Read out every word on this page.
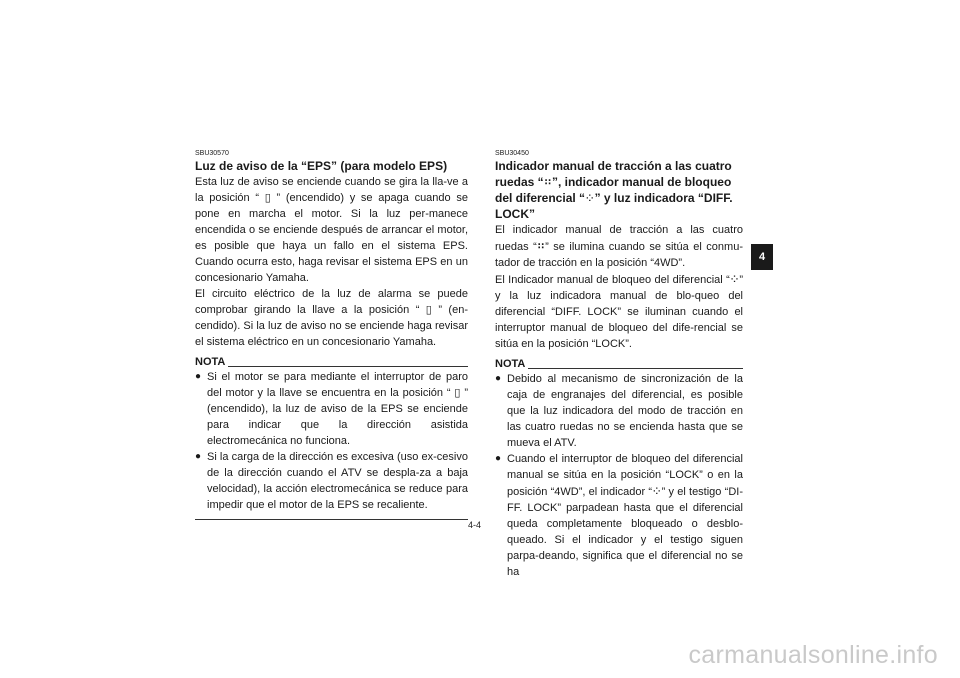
SBU30570

Luz de aviso de la “EPS” (para modelo EPS)

Esta luz de aviso se enciende cuando se gira la lla-ve a la posición “ ▯ ” (encendido) y se apaga cuando se pone en marcha el motor. Si la luz per-manece encendida o se enciende después de arrancar el motor, es posible que haya un fallo en el sistema EPS. Cuando ocurra esto, haga revisar el sistema EPS en un concesionario Yamaha.

El circuito eléctrico de la luz de alarma se puede comprobar girando la llave a la posición “ ▯ ” (en-cendido). Si la luz de aviso no se enciende haga revisar el sistema eléctrico en un concesionario Yamaha.

NOTA

● Si el motor se para mediante el interruptor de paro del motor y la llave se encuentra en la posición “ ▯ ” (encendido), la luz de aviso de la EPS se enciende para indicar que la dirección asistida electromecánica no funciona.

● Si la carga de la dirección es excesiva (uso ex-cesivo de la dirección cuando el ATV se despla-za a baja velocidad), la acción electromecánica se reduce para impedir que el motor de la EPS se recaliente.

SBU30450

Indicador manual de tracción a las cuatro ruedas “∷”, indicador manual de bloqueo del diferencial “⁘” y luz indicadora “DIFF. LOCK”

El indicador manual de tracción a las cuatro ruedas “∷” se ilumina cuando se sitúa el conmu-tador de tracción en la posición “4WD”.

El Indicador manual de bloqueo del diferencial “⁘” y la luz indicadora manual de blo-queo del diferencial “DIFF. LOCK” se iluminan cuando el interruptor manual de bloqueo del dife-rencial se sitúa en la posición “LOCK”.

NOTA

● Debido al mecanismo de sincronización de la caja de engranajes del diferencial, es posible que la luz indicadora del modo de tracción en las cuatro ruedas no se encienda hasta que se mueva el ATV.

● Cuando el interruptor de bloqueo del diferencial manual se sitúa en la posición “LOCK” o en la posición “4WD”, el indicador “⁘” y el testigo “DI-FF. LOCK” parpadean hasta que el diferencial queda completamente bloqueado o desblo-queado. Si el indicador y el testigo siguen parpa-deando, significa que el diferencial no se ha

4
4-4
carmanualsonline.info
